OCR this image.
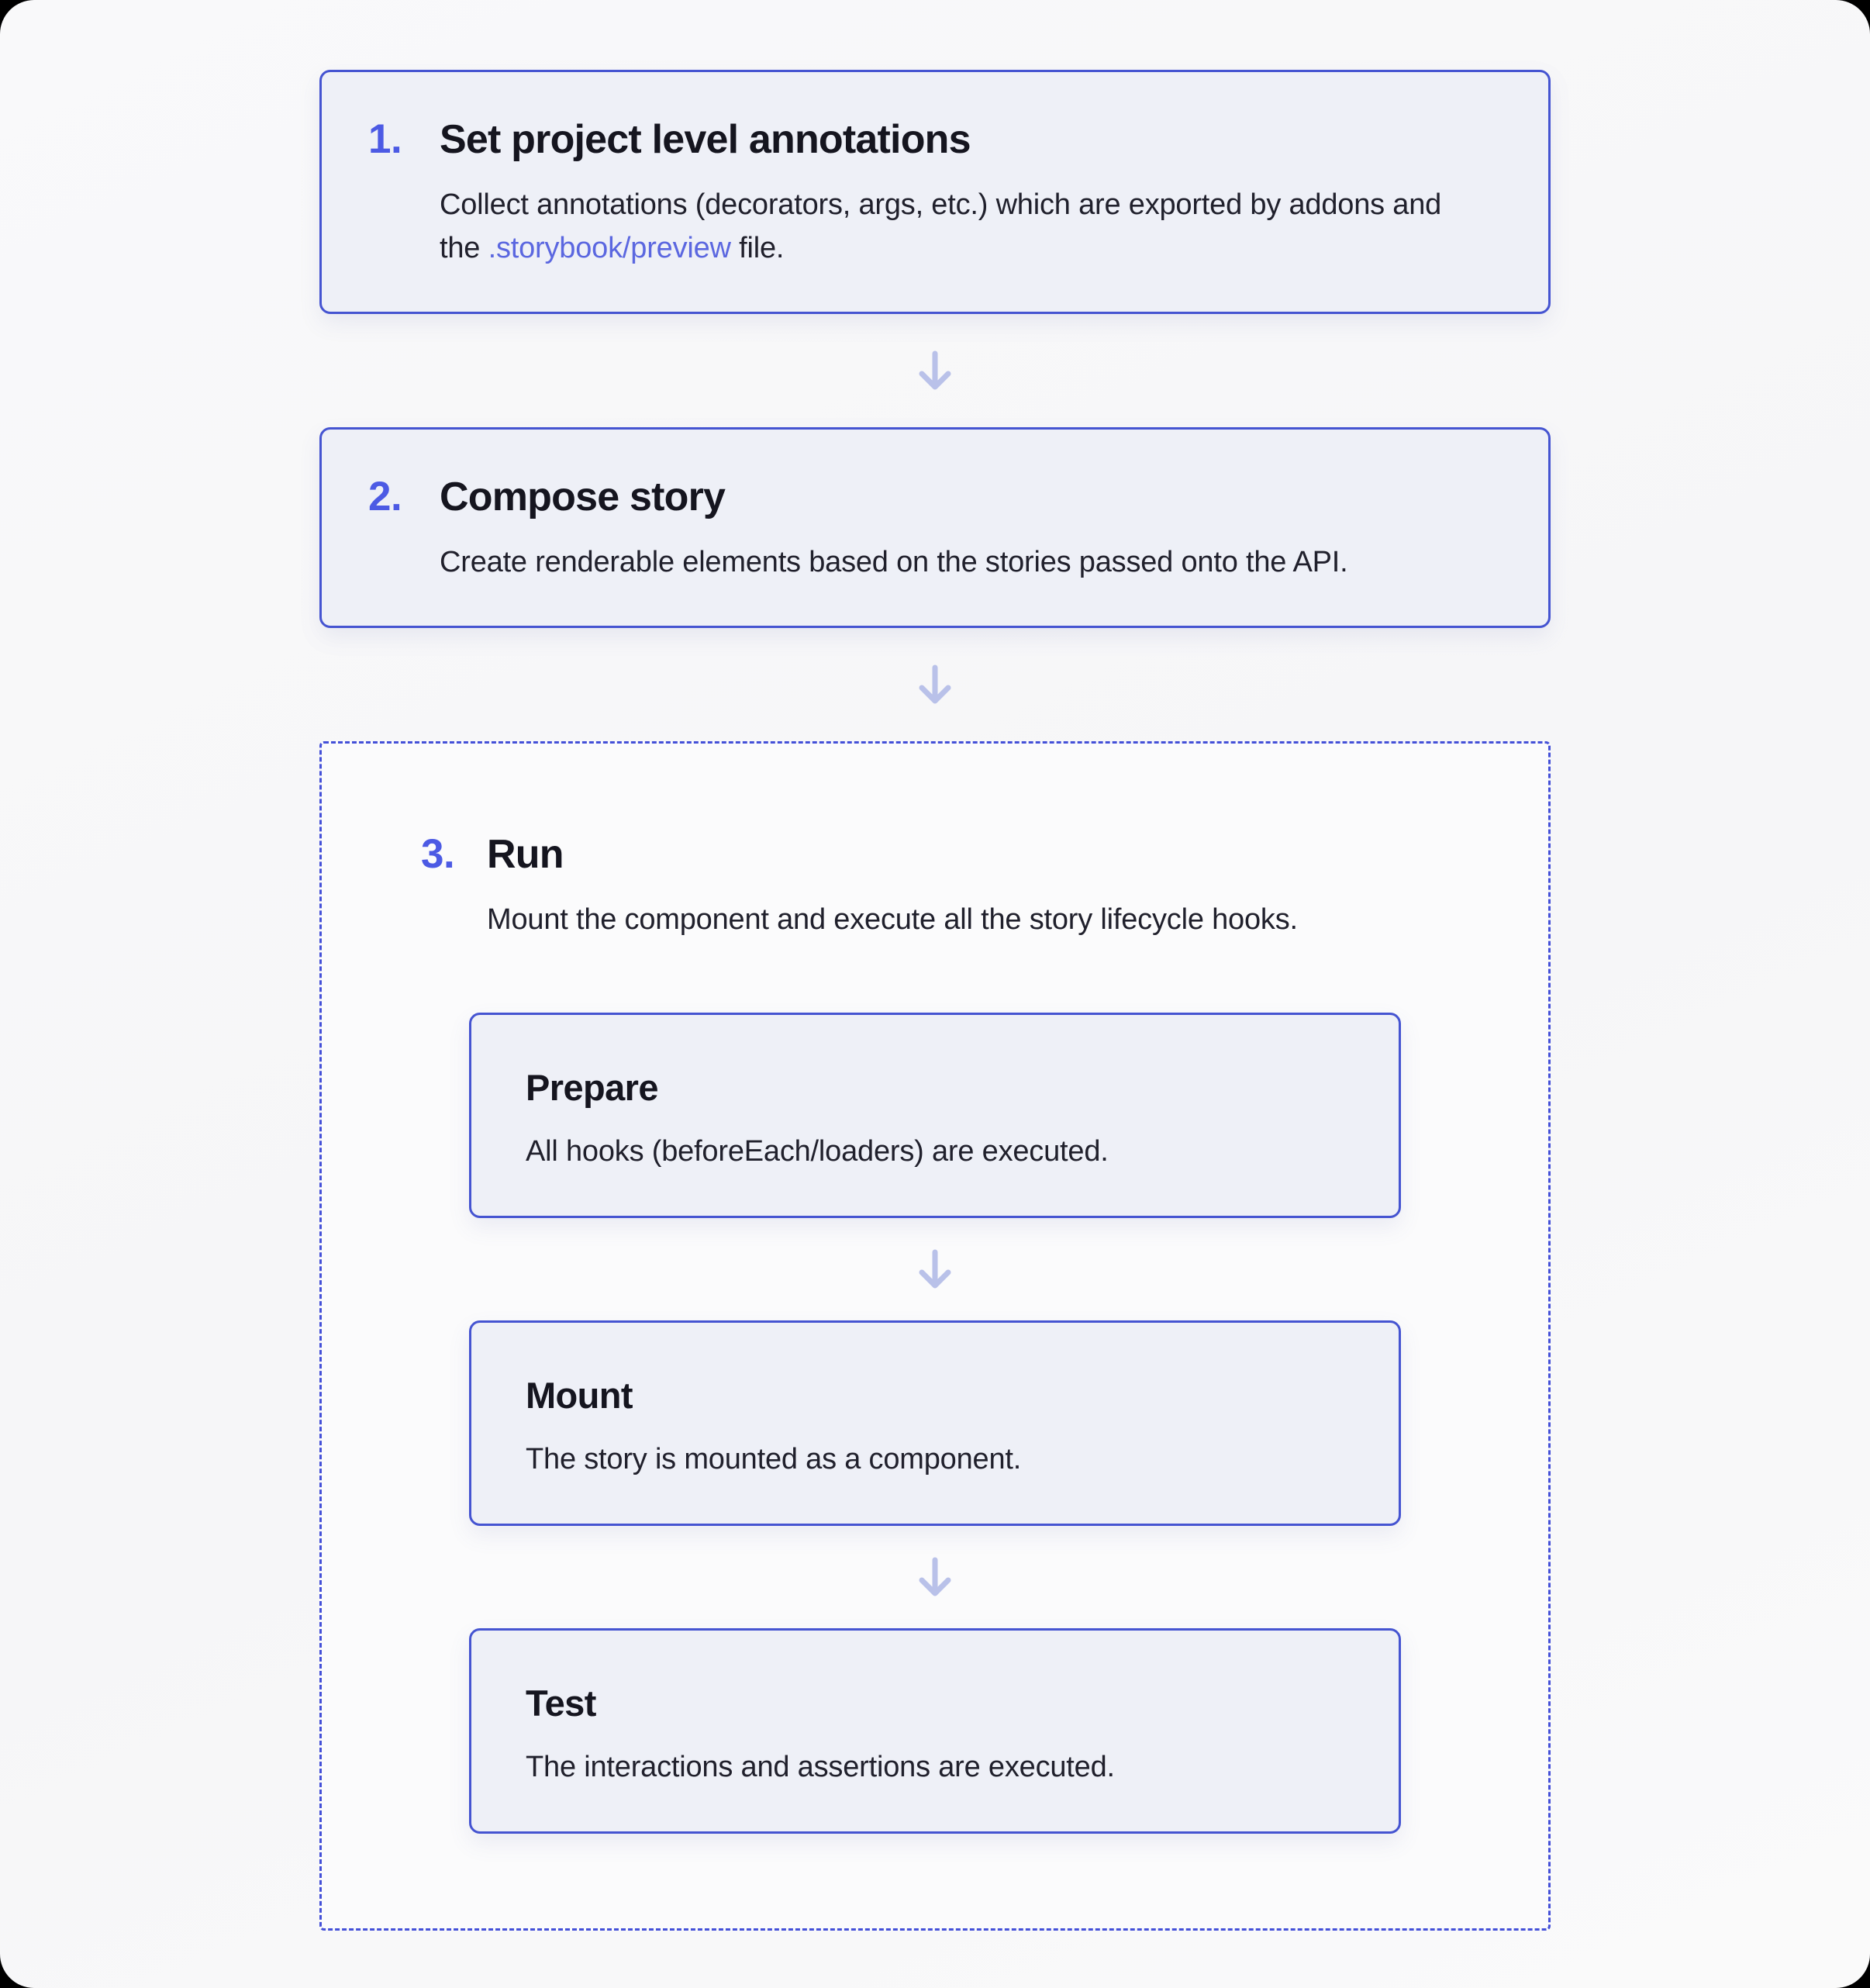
1. Set project level annotations
Collect annotations (decorators, args, etc.) which are exported by addons and the .storybook/preview file.
2. Compose story
Create renderable elements based on the stories passed onto the API.
3. Run
Mount the component and execute all the story lifecycle hooks.
Prepare
All hooks (beforeEach/loaders) are executed.
Mount
The story is mounted as a component.
Test
The interactions and assertions are executed.
